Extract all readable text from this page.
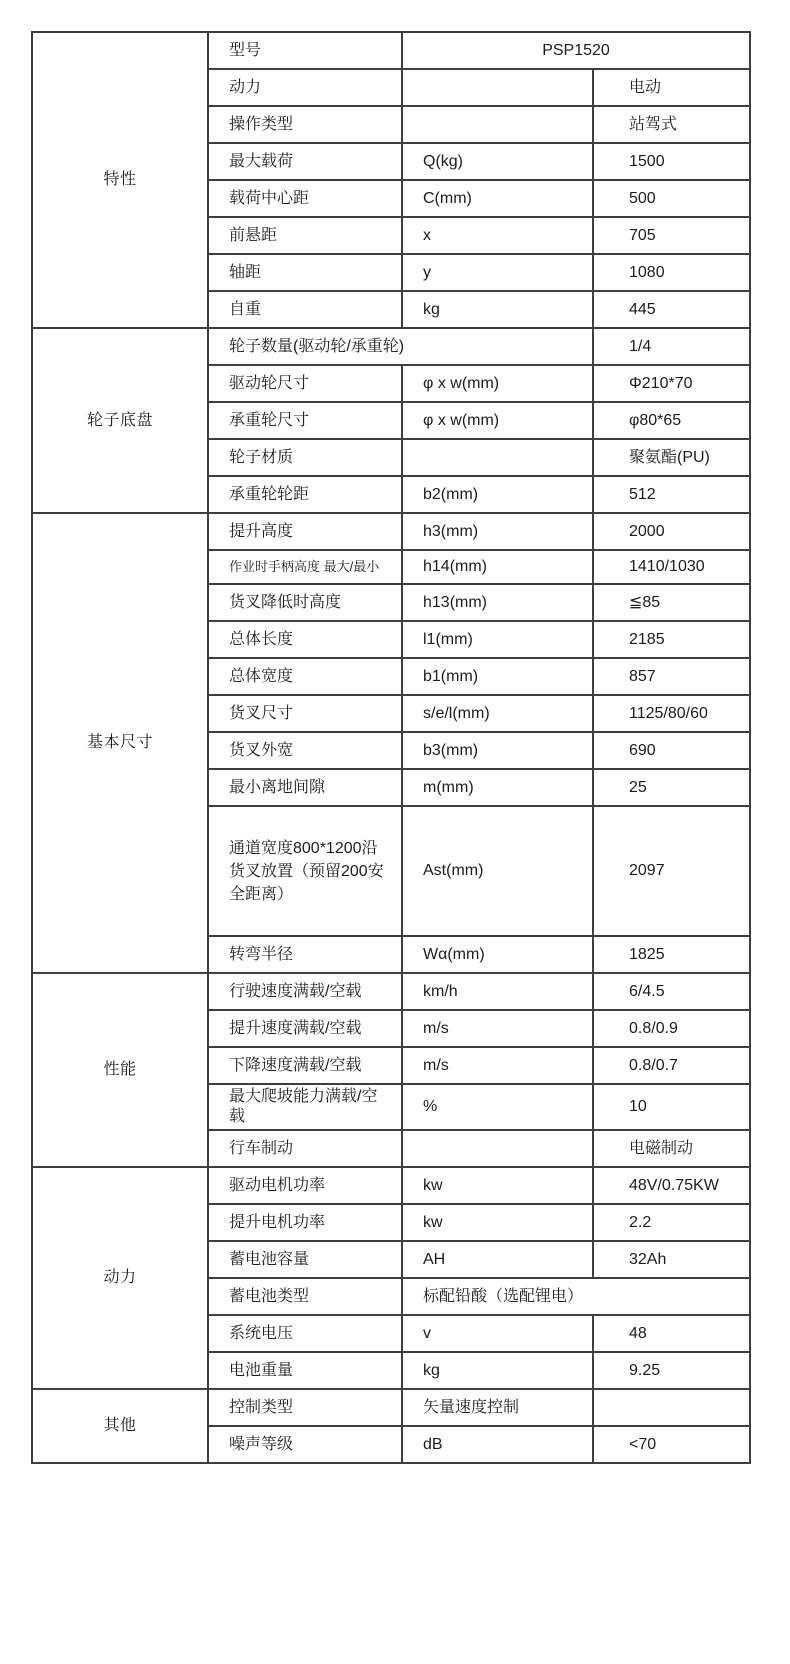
特性	型号	PSP1520	
	动力		电动
	操作类型		站驾式
	最大载荷	Q(kg)	1500
	载荷中心距	C(mm)	500
	前悬距	x	705
	轴距	y	1080
	自重	kg	445
轮子底盘	轮子数量(驱动轮/承重轮)		1/4
	驱动轮尺寸	φ x w(mm)	Φ210*70
	承重轮尺寸	φ x w(mm)	φ80*65
	轮子材质		聚氨酯(PU)
	承重轮轮距	b2(mm)	512
基本尺寸	提升高度	h3(mm)	2000
	作业时手柄高度 最大/最小	h14(mm)	1410/1030
	货叉降低时高度	h13(mm)	≦85
	总体长度	l1(mm)	2185
	总体宽度	b1(mm)	857
	货叉尺寸	s/e/l(mm)	1125/80/60
	货叉外宽	b3(mm)	690
	最小离地间隙	m(mm)	25
	通道宽度800*1200沿货叉放置（预留200安全距离）	Ast(mm)	2097
	转弯半径	Wα(mm)	1825
性能	行驶速度满载/空载	km/h	6/4.5
	提升速度满载/空载	m/s	0.8/0.9
	下降速度满载/空载	m/s	0.8/0.7
	最大爬坡能力满载/空载	%	10
	行车制动		电磁制动
动力	驱动电机功率	kw	48V/0.75KW
	提升电机功率	kw	2.2
	蓄电池容量	AH	32Ah
	蓄电池类型	标配铅酸（选配锂电）	
	系统电压	v	48
	电池重量	kg	9.25
其他	控制类型	矢量速度控制	
	噪声等级	dB	<70
